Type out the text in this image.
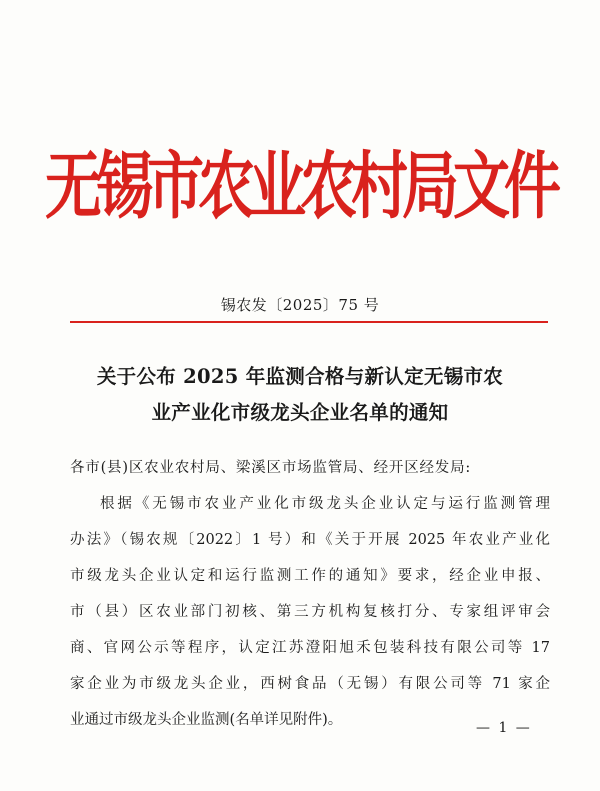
无锡市农业农村局文件
锡农发〔2025〕75 号
关于公布 2025 年监测合格与新认定无锡市农
业产业化市级龙头企业名单的通知
各市(县)区农业农村局、梁溪区市场监管局、经开区经发局:
根据《无锡市农业产业化市级龙头企业认定与运行监测管理
办法》（锡农规〔2022〕1 号）和《关于开展 2025 年农业产业化
市级龙头企业认定和运行监测工作的通知》要求，经企业申报、
市（县）区农业部门初核、第三方机构复核打分、专家组评审会
商、官网公示等程序，认定江苏澄阳旭禾包装科技有限公司等 17
家企业为市级龙头企业，西树食品（无锡）有限公司等 71 家企
业通过市级龙头企业监测(名单详见附件)。	— 1 —
